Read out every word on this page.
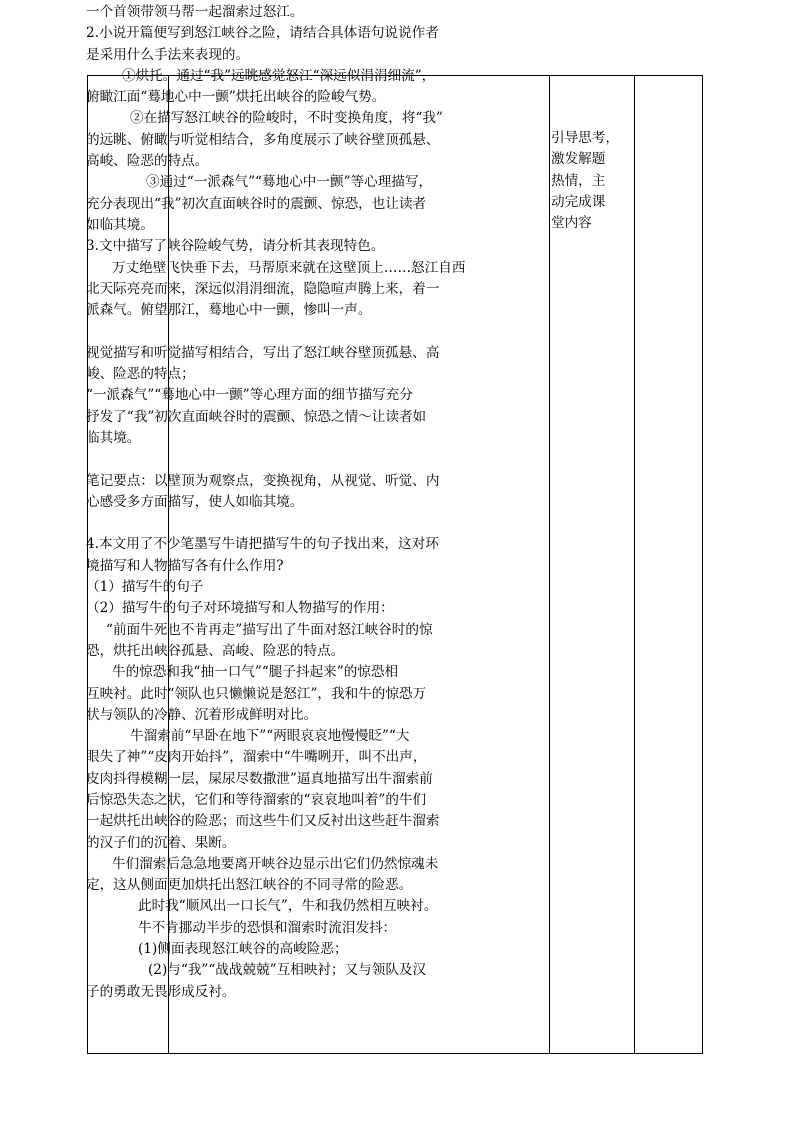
一个首领带领马帮一起溜索过怒江。

2.小说开篇便写到怒江峡谷之险，请结合具体语句说说作者

是采用什么手法来表现的。

①烘托。通过“我”远眺感觉怒江“深远似涓涓细流”，

俯瞰江面“蓦地心中一颤”烘托出峡谷的险峻气势。

②在描写怒江峡谷的险峻时，不时变换角度，将“我”

的远眺、俯瞰与听觉相结合，多角度展示了峡谷壁顶孤悬、

高峻、险恶的特点。

③通过“一派森气”“蓦地心中一颤”等心理描写，

充分表现出“我”初次直面峡谷时的震颤、惊恐，也让读者

如临其境。

3.文中描写了峡谷险峻气势，请分析其表现特色。

万丈绝壁飞快垂下去，马帮原来就在这壁顶上……怒江自西

北天际亮亮而来，深远似涓涓细流，隐隐喧声腾上来，着一

派森气。俯望那江，蓦地心中一颤，惨叫一声。

视觉描写和听觉描写相结合，写出了怒江峡谷壁顶孤悬、高

峻、险恶的特点；

“一派森气”“蓦地心中一颤”等心理方面的细节描写充分

抒发了“我”初次直面峡谷时的震颤、惊恐之情～让读者如

临其境。

笔记要点：以壁顶为观察点，变换视角，从视觉、听觉、内

心感受多方面描写，使人如临其境。

4.本文用了不少笔墨写牛请把描写牛的句子找出来，这对环

境描写和人物描写各有什么作用?

（1）描写牛的句子

（2）描写牛的句子对环境描写和人物描写的作用：

“前面牛死也不肯再走”描写出了牛面对怒江峡谷时的惊

恐，烘托出峡谷孤悬、高峻、险恶的特点。

牛的惊恐和我“抽一口气”“腿子抖起来”的惊恐相

互映衬。此时“领队也只懒懒说是怒江”，我和牛的惊恐万

状与领队的冷静、沉着形成鲜明对比。

牛溜索前“早卧在地下”“两眼哀哀地慢慢眨”“大

眼失了神”“皮肉开始抖”，溜索中“牛嘴咧开，叫不出声，

皮肉抖得模糊一层，屎尿尽数撒泄”逼真地描写出牛溜索前

后惊恐失态之状，它们和等待溜索的“哀哀地叫着”的牛们

一起烘托出峡谷的险恶；而这些牛们又反衬出这些赶牛溜索

的汉子们的沉着、果断。

牛们溜索后急急地要离开峡谷边显示出它们仍然惊魂未

定，这从侧面更加烘托出怒江峡谷的不同寻常的险恶。

此时我“顺风出一口长气”，牛和我仍然相互映衬。

牛不肯挪动半步的恐惧和溜索时流泪发抖：

(1)侧面表现怒江峡谷的高峻险恶；

(2)与“我”“战战兢兢”互相映衬；又与领队及汉

子的勇敢无畏形成反衬。

引导思考，
激发解题
热情，主
动完成课
堂内容
